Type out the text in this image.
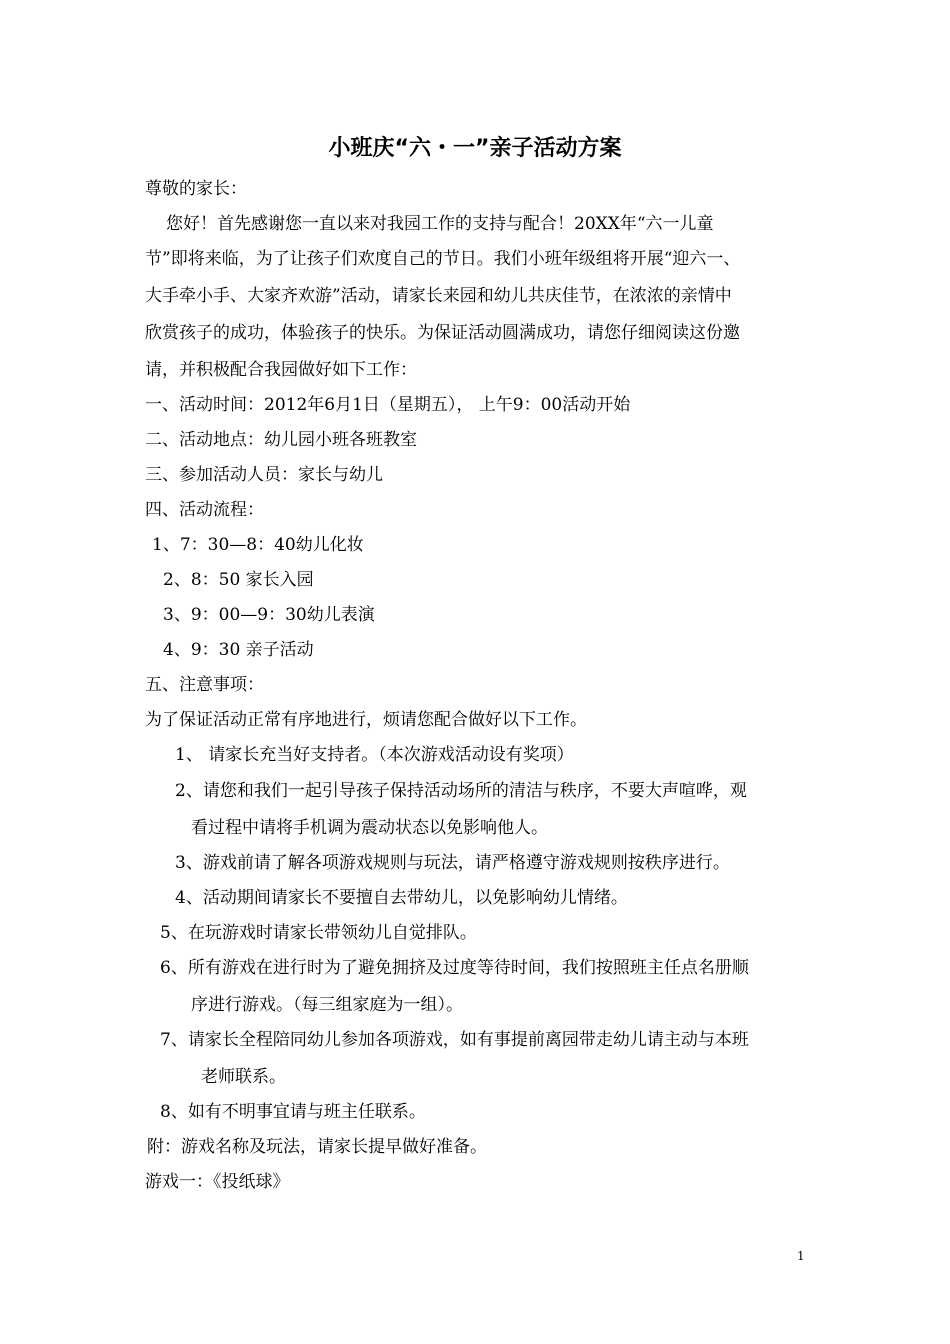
小班庆“六・一”亲子活动方案
尊敬的家长：
您好！首先感谢您一直以来对我园工作的支持与配合！20XX年“六一儿童
节”即将来临，为了让孩子们欢度自己的节日。我们小班年级组将开展“迎六一、
大手牵小手、大家齐欢游”活动，请家长来园和幼儿共庆佳节，在浓浓的亲情中
欣赏孩子的成功，体验孩子的快乐。为保证活动圆满成功，请您仔细阅读这份邀
请，并积极配合我园做好如下工作：
一、活动时间：2012年6月1日（星期五）， 上午9：00活动开始
二、活动地点：幼儿园小班各班教室
三、参加活动人员：家长与幼儿
四、活动流程：
1、7：30—8：40幼儿化妆
2、8：50 家长入园
3、9：00—9：30幼儿表演
4、9：30 亲子活动
五、注意事项：
为了保证活动正常有序地进行，烦请您配合做好以下工作。
1、 请家长充当好支持者。（本次游戏活动设有奖项）
2、请您和我们一起引导孩子保持活动场所的清洁与秩序，不要大声喧哗，观
看过程中请将手机调为震动状态以免影响他人。
3、游戏前请了解各项游戏规则与玩法，请严格遵守游戏规则按秩序进行。
4、活动期间请家长不要擅自去带幼儿，以免影响幼儿情绪。
5、在玩游戏时请家长带领幼儿自觉排队。
6、所有游戏在进行时为了避免拥挤及过度等待时间，我们按照班主任点名册顺
序进行游戏。（每三组家庭为一组）。
7、请家长全程陪同幼儿参加各项游戏，如有事提前离园带走幼儿请主动与本班
老师联系。
8、如有不明事宜请与班主任联系。
附：游戏名称及玩法，请家长提早做好准备。
游戏一：《投纸球》
1
